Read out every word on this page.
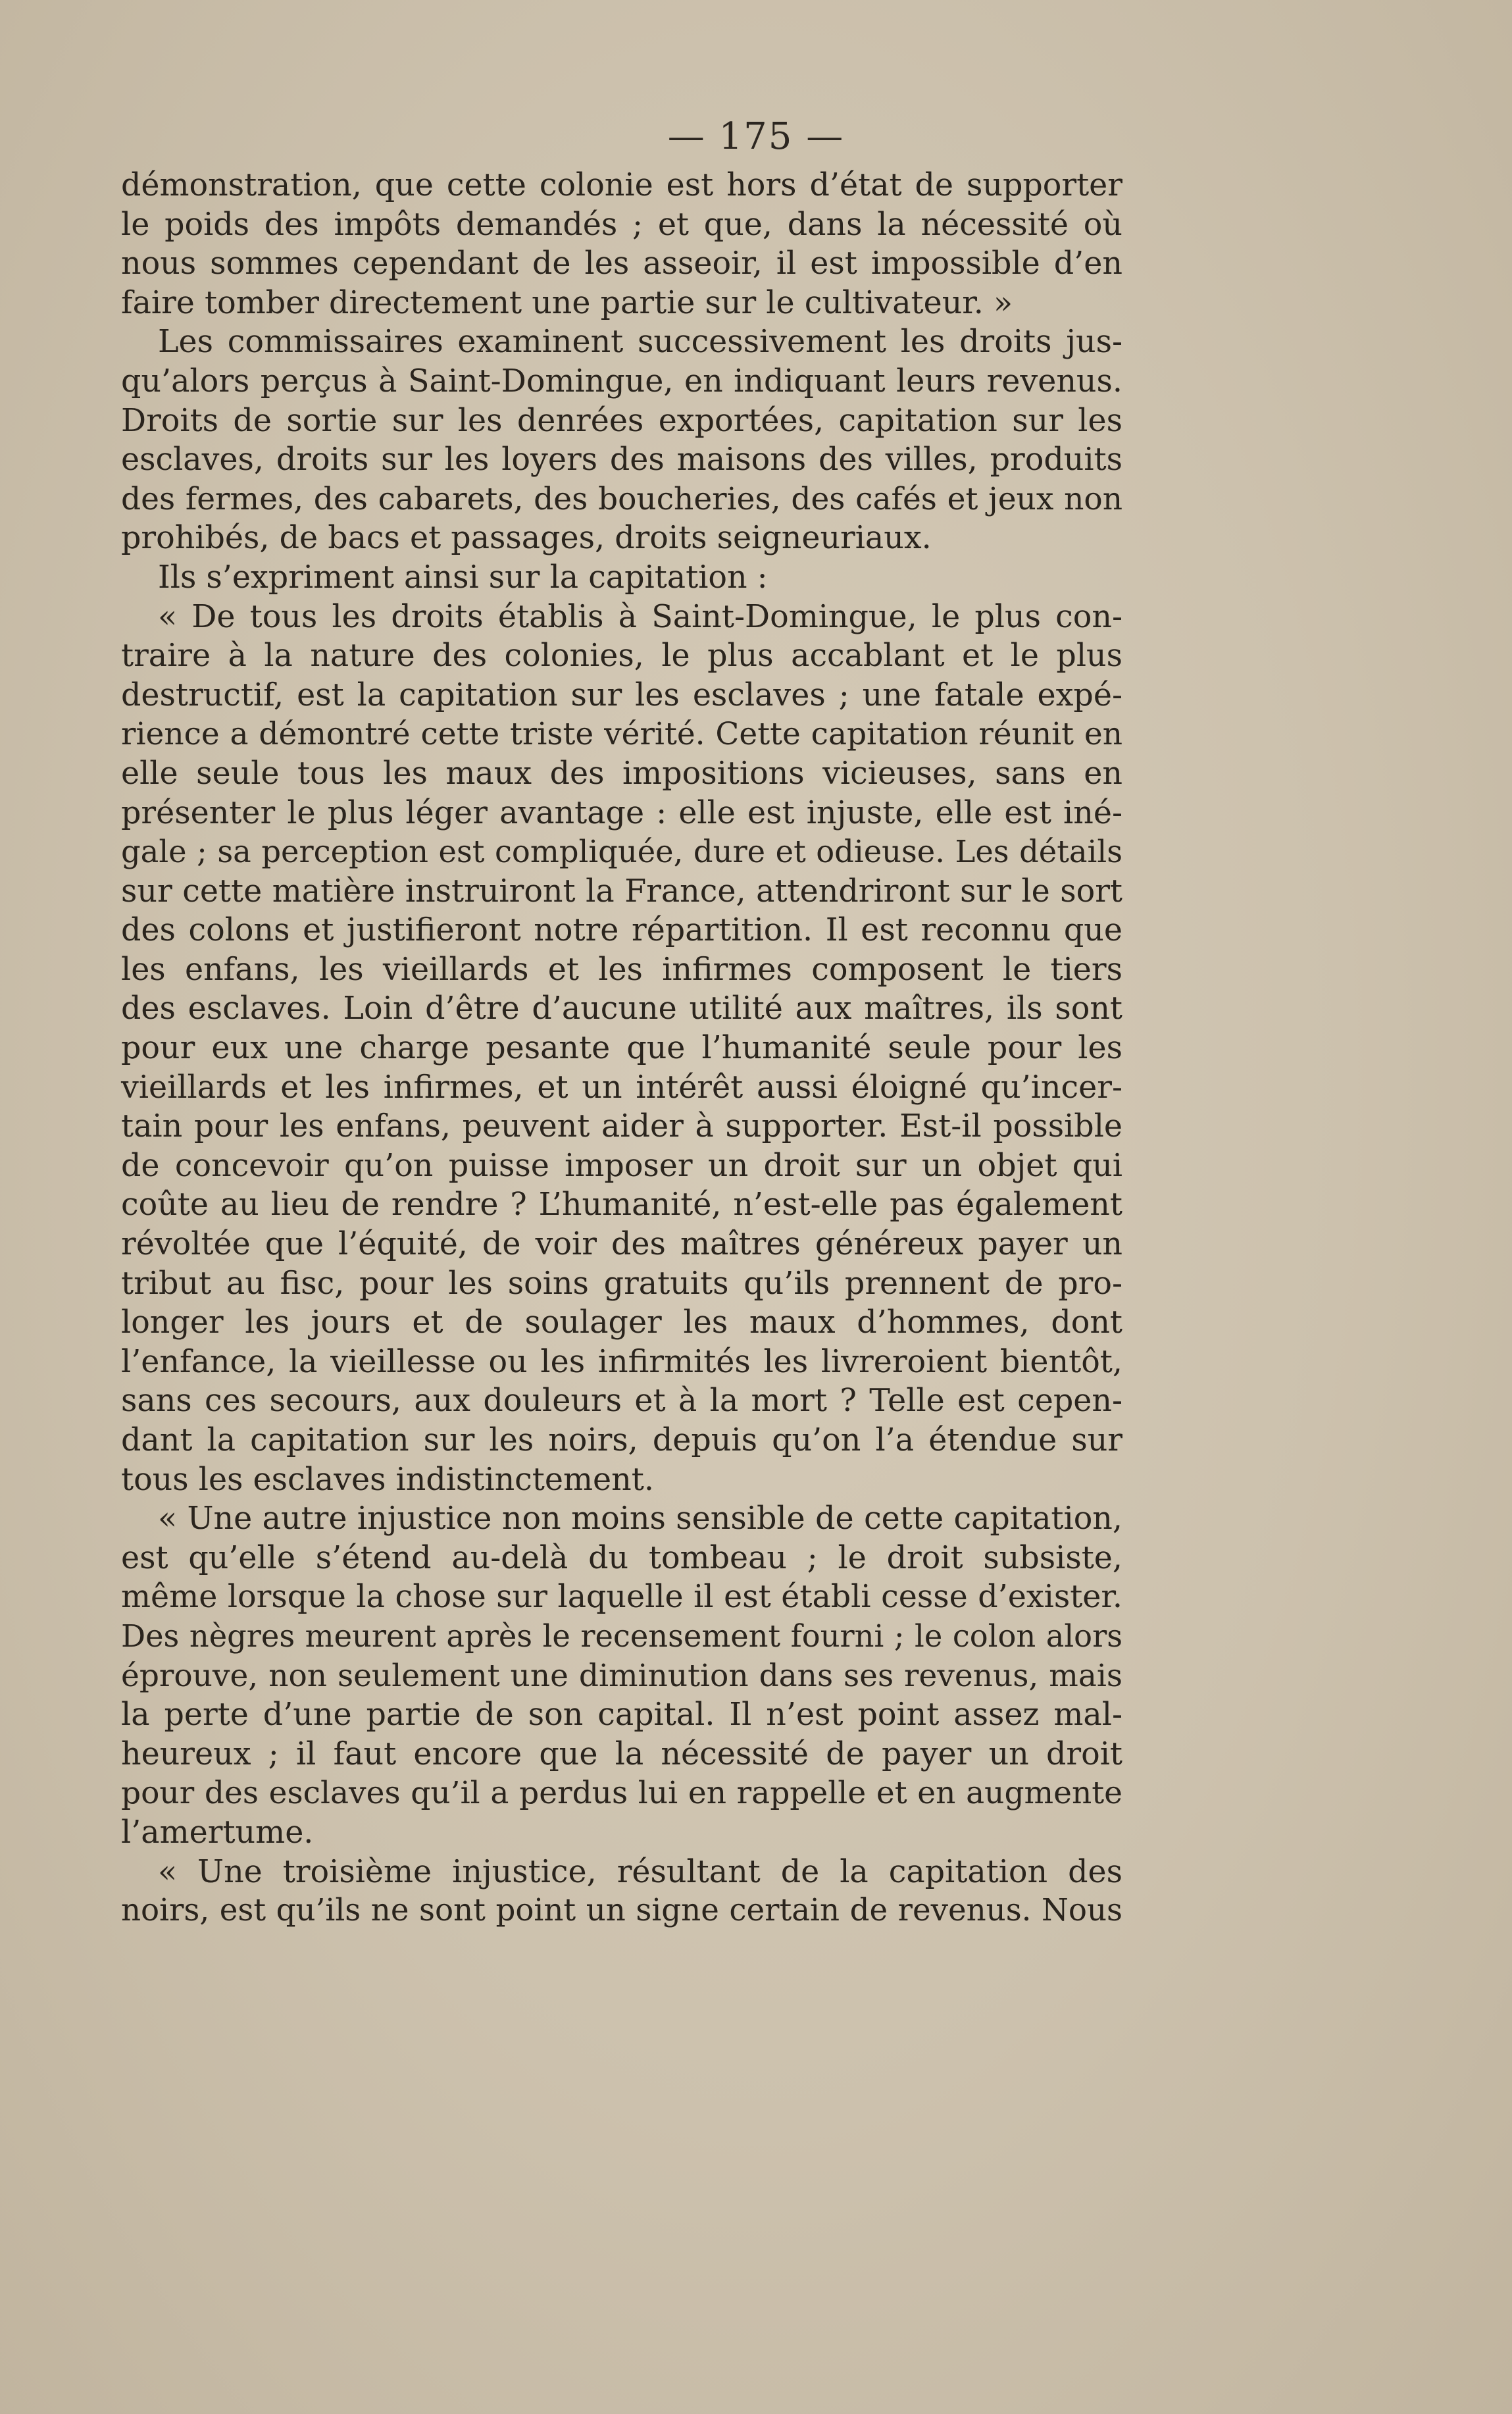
— 175 —
démonstration, que cette colonie est hors d’état de supporter
le poids des impôts demandés ; et que, dans la nécessité où
nous sommes cependant de les asseoir, il est impossible d’en
faire tomber directement une partie sur le cultivateur. »
Les commissaires examinent successivement les droits jus-
qu’alors perçus à Saint-Domingue, en indiquant leurs revenus.
Droits de sortie sur les denrées exportées, capitation sur les
esclaves, droits sur les loyers des maisons des villes, produits
des fermes, des cabarets, des boucheries, des cafés et jeux non
prohibés, de bacs et passages, droits seigneuriaux.
Ils s’expriment ainsi sur la capitation :
« De tous les droits établis à Saint-Domingue, le plus con-
traire à la nature des colonies, le plus accablant et le plus
destructif, est la capitation sur les esclaves ; une fatale expé-
rience a démontré cette triste vérité. Cette capitation réunit en
elle seule tous les maux des impositions vicieuses, sans en
présenter le plus léger avantage : elle est injuste, elle est iné-
gale ; sa perception est compliquée, dure et odieuse. Les détails
sur cette matière instruiront la France, attendriront sur le sort
des colons et justifieront notre répartition. Il est reconnu que
les enfans, les vieillards et les infirmes composent le tiers
des esclaves. Loin d’être d’aucune utilité aux maîtres, ils sont
pour eux une charge pesante que l’humanité seule pour les
vieillards et les infirmes, et un intérêt aussi éloigné qu’incer-
tain pour les enfans, peuvent aider à supporter. Est-il possible
de concevoir qu’on puisse imposer un droit sur un objet qui
coûte au lieu de rendre ? L’humanité, n’est-elle pas également
révoltée que l’équité, de voir des maîtres généreux payer un
tribut au fisc, pour les soins gratuits qu’ils prennent de pro-
longer les jours et de soulager les maux d’hommes, dont
l’enfance, la vieillesse ou les infirmités les livreroient bientôt,
sans ces secours, aux douleurs et à la mort ? Telle est cepen-
dant la capitation sur les noirs, depuis qu’on l’a étendue sur
tous les esclaves indistinctement.
« Une autre injustice non moins sensible de cette capitation,
est qu’elle s’étend au-delà du tombeau ; le droit subsiste,
même lorsque la chose sur laquelle il est établi cesse d’exister.
Des nègres meurent après le recensement fourni ; le colon alors
éprouve, non seulement une diminution dans ses revenus, mais
la perte d’une partie de son capital. Il n’est point assez mal-
heureux ; il faut encore que la nécessité de payer un droit
pour des esclaves qu’il a perdus lui en rappelle et en augmente
l’amertume.
« Une troisième injustice, résultant de la capitation des
noirs, est qu’ils ne sont point un signe certain de revenus. Nous
